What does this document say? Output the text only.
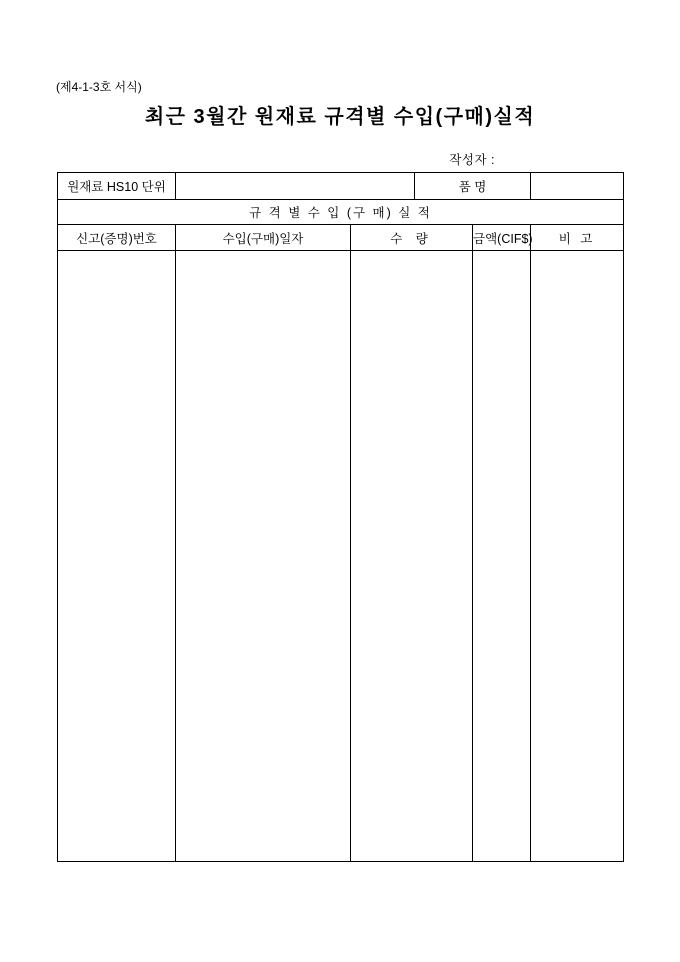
(제4-1-3호 서식)
최근 3월간 원재료 규격별 수입(구매)실적
작성자 :
원재료 HS10 단위			품 명		
규 격 별 수 입 (구 매) 실 적					
신고(증명)번호	수입(구매)일자	수 량		금액(CIF$)	비 고
